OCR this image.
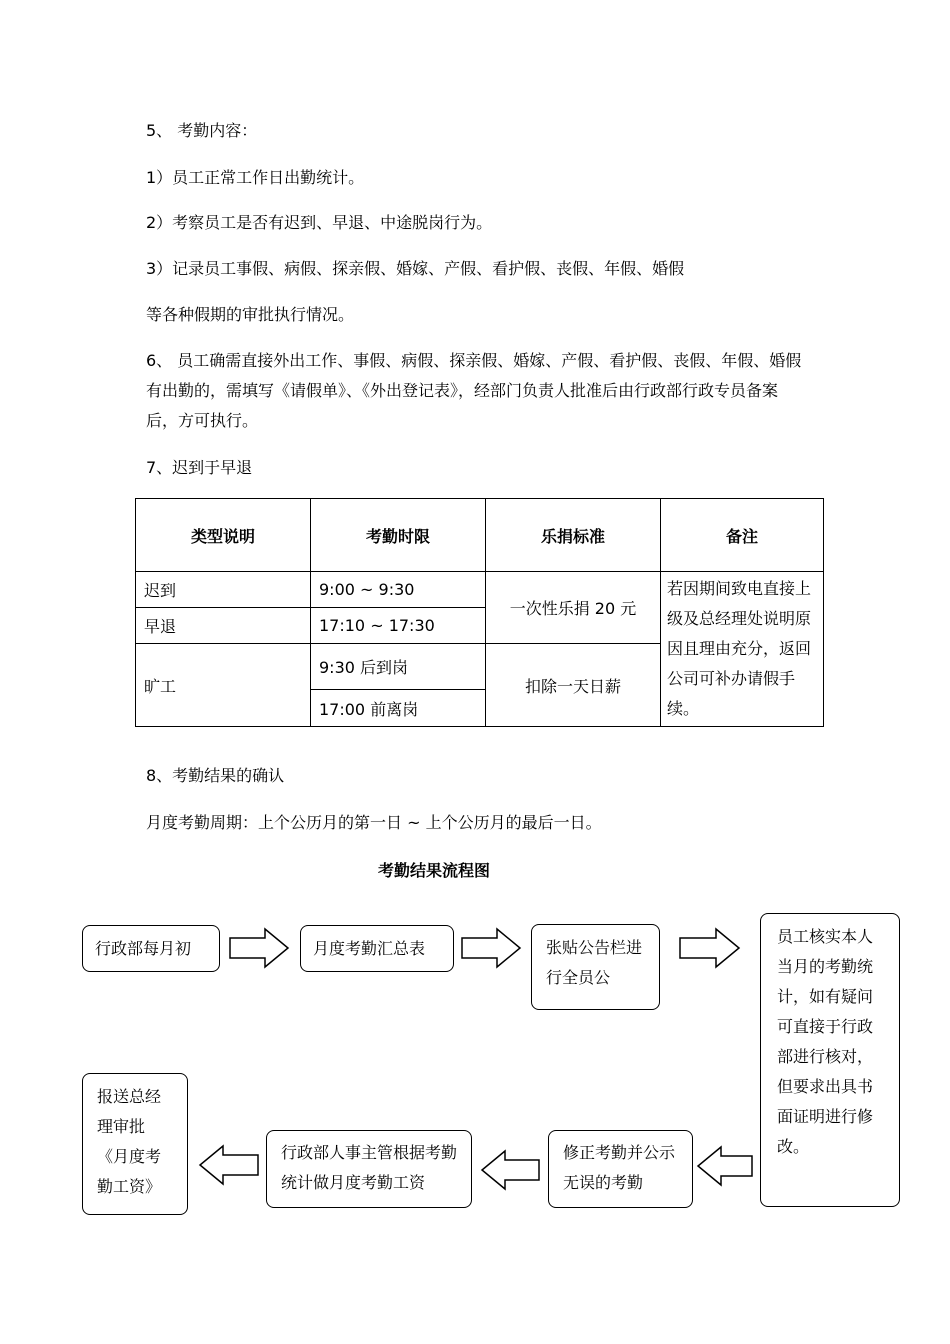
5、 考勤内容：
1）员工正常工作日出勤统计。
2）考察员工是否有迟到、早退、中途脱岗行为。
3）记录员工事假、病假、探亲假、婚嫁、产假、看护假、丧假、年假、婚假
等各种假期的审批执行情况。
6、 员工确需直接外出工作、事假、病假、探亲假、婚嫁、产假、看护假、丧假、年假、婚假有出勤的，需填写《请假单》、《外出登记表》，经部门负责人批准后由行政部行政专员备案后，方可执行。
7、迟到于早退
类型说明	考勤时限	乐捐标准	备注
迟到	9:00 ~ 9:30	一次性乐捐 20 元	若因期间致电直接上级及总经理处说明原因且理由充分，返回公司可补办请假手续。
早退	17:10 ~ 17:30		
旷工	9:30 后到岗	扣除一天日薪	
	17:00 前离岗		
8、考勤结果的确认
月度考勤周期：上个公历月的第一日 ~ 上个公历月的最后一日。
考勤结果流程图
行政部每月初	月度考勤汇总表	张贴公告栏进行全员公
员工核实本人当月的考勤统计，如有疑问可直接于行政部进行核对，但要求出具书面证明进行修改。
修正考勤并公示无误的考勤
行政部人事主管根据考勤统计做月度考勤工资
报送总经理审批《月度考勤工资》
